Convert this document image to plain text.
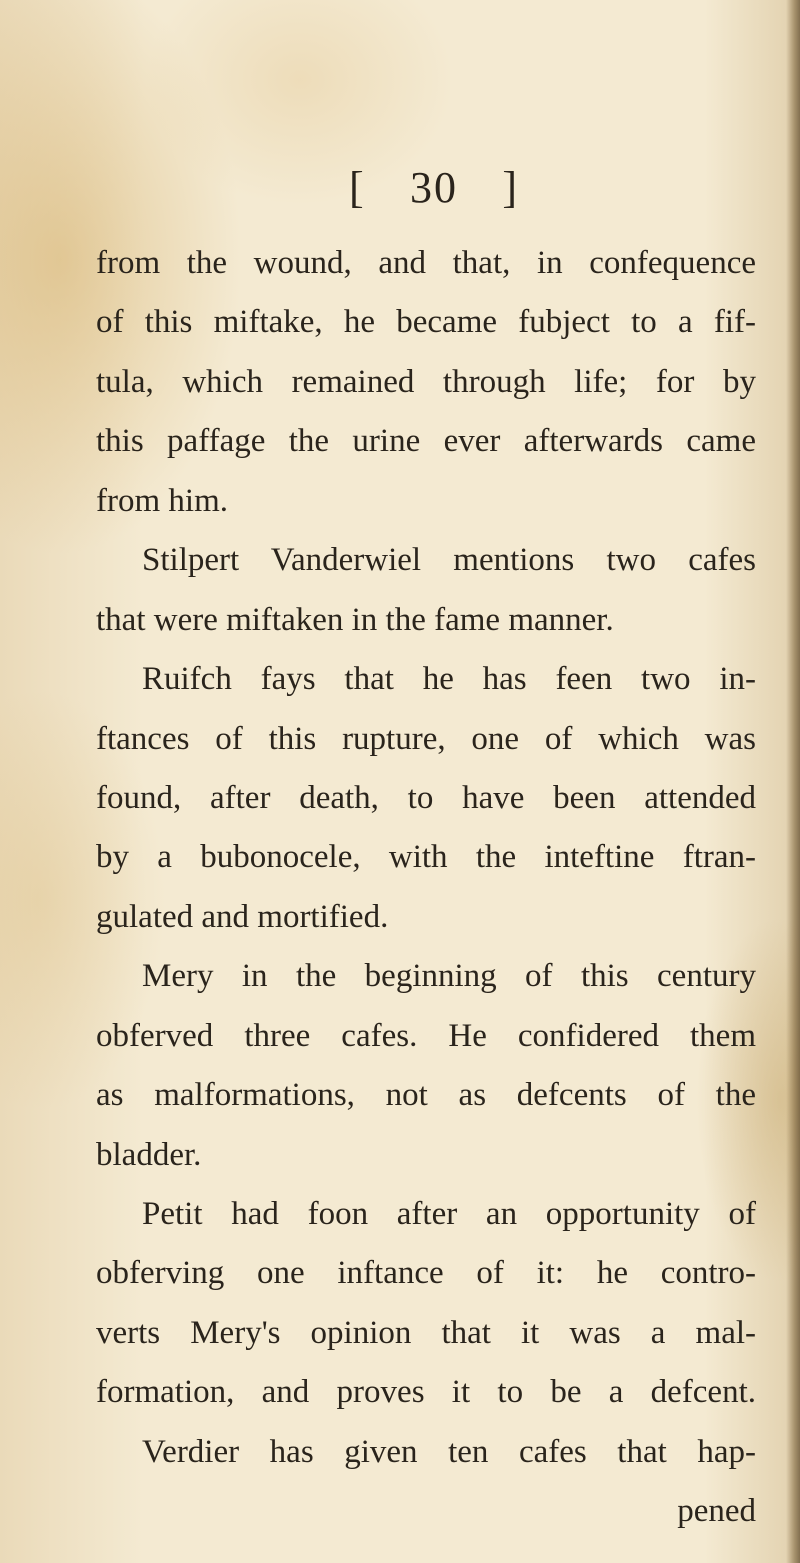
[ 30 ]
from the wound, and that, in confequence
of this miftake, he became fubject to a fif-
tula, which remained through life; for by
this paffage the urine ever afterwards came
from him.
Stilpert Vanderwiel mentions two cafes
that were miftaken in the fame manner.
Ruifch fays that he has feen two in-
ftances of this rupture, one of which was
found, after death, to have been attended
by a bubonocele, with the inteftine ftran-
gulated and mortified.
Mery in the beginning of this century
obferved three cafes. He confidered them
as malformations, not as defcents of the
bladder.
Petit had foon after an opportunity of
obferving one inftance of it: he contro-
verts Mery's opinion that it was a mal-
formation, and proves it to be a defcent.
Verdier has given ten cafes that hap-
pened
